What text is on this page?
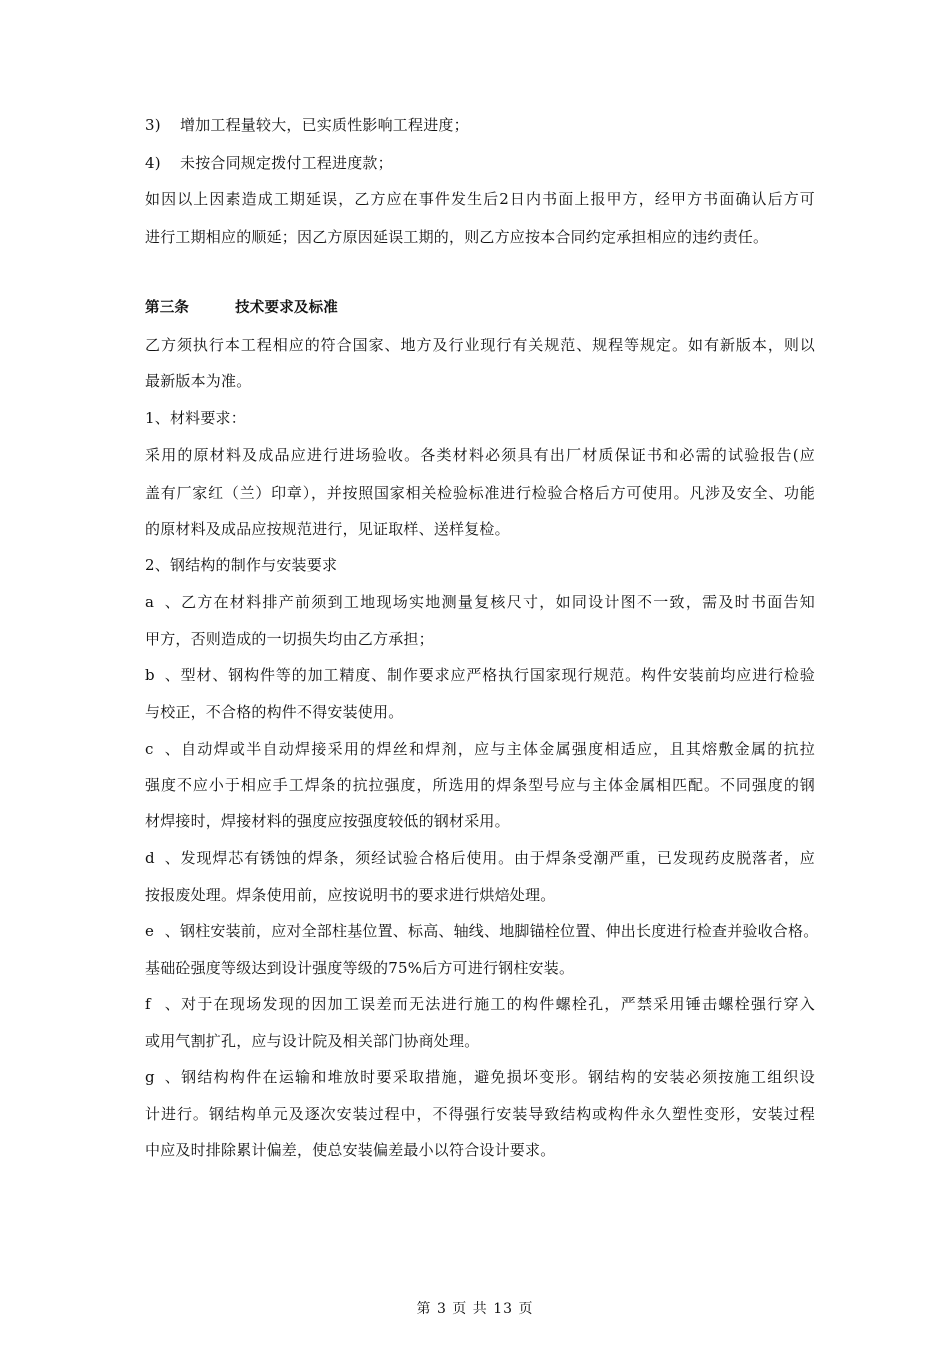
3) 增加工程量较大，已实质性影响工程进度；
4) 未按合同规定拨付工程进度款；
如因以上因素造成工期延误，乙方应在事件发生后2日内书面上报甲方，经甲方书面确认后方可
进行工期相应的顺延；因乙方原因延误工期的，则乙方应按本合同约定承担相应的违约责任。
第三条	技术要求及标准
乙方须执行本工程相应的符合国家、地方及行业现行有关规范、规程等规定。如有新版本，则以
最新版本为准。
1、材料要求：
采用的原材料及成品应进行进场验收。各类材料必须具有出厂材质保证书和必需的试验报告(应
盖有厂家红（兰）印章），并按照国家相关检验标准进行检验合格后方可使用。凡涉及安全、功能
的原材料及成品应按规范进行，见证取样、送样复检。
2、钢结构的制作与安装要求
a、乙方在材料排产前须到工地现场实地测量复核尺寸，如同设计图不一致，需及时书面告知
甲方，否则造成的一切损失均由乙方承担；
b、型材、钢构件等的加工精度、制作要求应严格执行国家现行规范。构件安装前均应进行检验
与校正，不合格的构件不得安装使用。
c、自动焊或半自动焊接采用的焊丝和焊剂，应与主体金属强度相适应，且其熔敷金属的抗拉
强度不应小于相应手工焊条的抗拉强度，所选用的焊条型号应与主体金属相匹配。不同强度的钢
材焊接时，焊接材料的强度应按强度较低的钢材采用。
d、发现焊芯有锈蚀的焊条，须经试验合格后使用。由于焊条受潮严重，已发现药皮脱落者，应
按报废处理。焊条使用前，应按说明书的要求进行烘焙处理。
e、钢柱安装前，应对全部柱基位置、标高、轴线、地脚锚栓位置、伸出长度进行检查并验收合格。
基础砼强度等级达到设计强度等级的75%后方可进行钢柱安装。
f、对于在现场发现的因加工误差而无法进行施工的构件螺栓孔，严禁采用锤击螺栓强行穿入
或用气割扩孔，应与设计院及相关部门协商处理。
g、钢结构构件在运输和堆放时要采取措施，避免损坏变形。钢结构的安装必须按施工组织设
计进行。钢结构单元及逐次安装过程中，不得强行安装导致结构或构件永久塑性变形，安装过程
中应及时排除累计偏差，使总安装偏差最小以符合设计要求。
第 3 页 共 13 页
